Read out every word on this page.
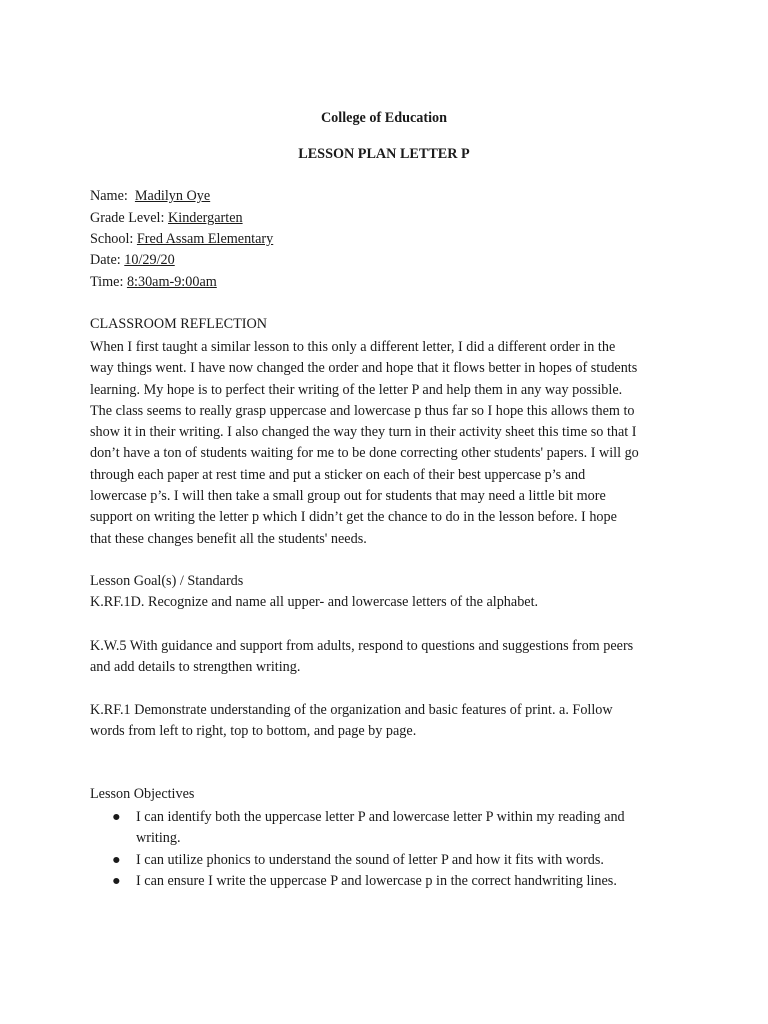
College of Education
LESSON PLAN LETTER P
Name: Madilyn Oye
Grade Level: Kindergarten
School: Fred Assam Elementary
Date: 10/29/20
Time: 8:30am-9:00am
CLASSROOM REFLECTION

When I first taught a similar lesson to this only a different letter, I did a different order in the

way things went. I have now changed the order and hope that it flows better in hopes of students

learning. My hope is to perfect their writing of the letter P and help them in any way possible.

The class seems to really grasp uppercase and lowercase p thus far so I hope this allows them to

show it in their writing. I also changed the way they turn in their activity sheet this time so that I

don’t have a ton of students waiting for me to be done correcting other students' papers. I will go

through each paper at rest time and put a sticker on each of their best uppercase p’s and

lowercase p’s. I will then take a small group out for students that may need a little bit more

support on writing the letter p which I didn’t get the chance to do in the lesson before. I hope

that these changes benefit all the students' needs.

Lesson Goal(s) / Standards
K.RF.1D. Recognize and name all upper- and lowercase letters of the alphabet.

K.W.5 With guidance and support from adults, respond to questions and suggestions from peers

and add details to strengthen writing.

K.RF.1 Demonstrate understanding of the organization and basic features of print. a. Follow

words from left to right, top to bottom, and page by page.

Lesson Objectives
●	I can identify both the uppercase letter P and lowercase letter P within my reading and

writing.

●	I can utilize phonics to understand the sound of letter P and how it fits with words.

●	I can ensure I write the uppercase P and lowercase p in the correct handwriting lines.
